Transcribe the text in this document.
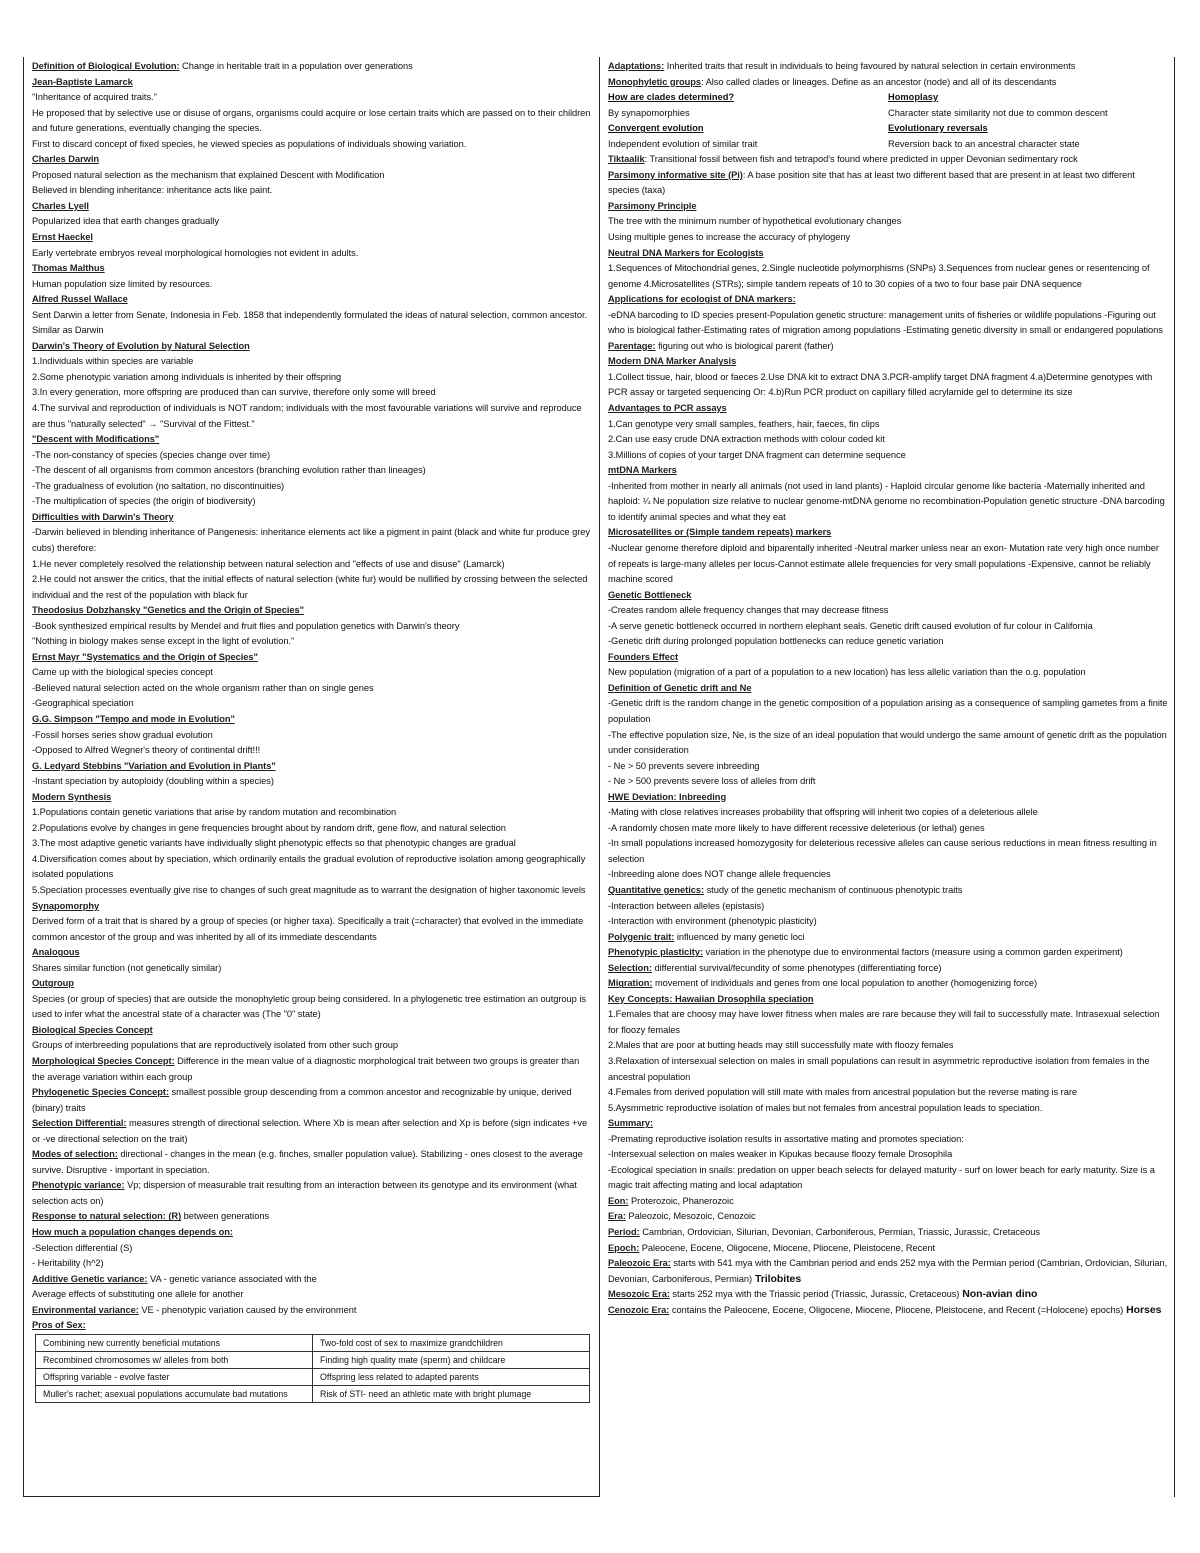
Definition of Biological Evolution: Change in heritable trait in a population over generations

Jean-Baptiste Lamarck

"Inheritance of acquired traits."

He proposed that by selective use or disuse of organs, organisms could acquire or lose certain traits which are passed on to their children and future generations, eventually changing the species.

First to discard concept of fixed species, he viewed species as populations of individuals showing variation.

Charles Darwin

Proposed natural selection as the mechanism that explained Descent with Modification

Believed in blending inheritance: inheritance acts like paint.

Charles Lyell

Popularized idea that earth changes gradually

Ernst Haeckel

Early vertebrate embryos reveal morphological homologies not evident in adults.

Thomas Malthus

Human population size limited by resources.

Alfred Russel Wallace

Sent Darwin a letter from Senate, Indonesia in Feb. 1858 that independently formulated the ideas of natural selection, common ancestor. Similar as Darwin

Darwin's Theory of Evolution by Natural Selection

1.Individuals within species are variable

2.Some phenotypic variation among individuals is inherited by their offspring

3.In every generation, more offspring are produced than can survive, therefore only some will breed

4.The survival and reproduction of individuals is NOT random; individuals with the most favourable variations will survive and reproduce are thus "naturally selected" → "Survival of the Fittest."

"Descent with Modifications"

-The non-constancy of species (species change over time)

-The descent of all organisms from common ancestors (branching evolution rather than lineages)

-The gradualness of evolution (no saltation, no discontinuities)

-The multiplication of species (the origin of biodiversity)

Difficulties with Darwin's Theory

-Darwin believed in blending inheritance of Pangenesis: inheritance elements act like a pigment in paint (black and white fur produce grey cubs) therefore:

1.He never completely resolved the relationship between natural selection and "effects of use and disuse" (Lamarck)

2.He could not answer the critics, that the initial effects of natural selection (white fur) would be nullified by crossing between the selected individual and the rest of the population with black fur

Theodosius Dobzhansky "Genetics and the Origin of Species"

-Book synthesized empirical results by Mendel and fruit flies and population genetics with Darwin's theory

"Nothing in biology makes sense except in the light of evolution."

Ernst Mayr "Systematics and the Origin of Species"

Came up with the biological species concept

-Believed natural selection acted on the whole organism rather than on single genes

-Geographical speciation

G.G. Simpson "Tempo and mode in Evolution"

-Fossil horses series show gradual evolution

-Opposed to Alfred Wegner's theory of continental drift!!!

G. Ledyard Stebbins "Variation and Evolution in Plants"

-Instant speciation by autoploidy (doubling within a species)

Modern Synthesis

1.Populations contain genetic variations that arise by random mutation and recombination

2.Populations evolve by changes in gene frequencies brought about by random drift, gene flow, and natural selection

3.The most adaptive genetic variants have individually slight phenotypic effects so that phenotypic changes are gradual

4.Diversification comes about by speciation, which ordinarily entails the gradual evolution of reproductive isolation among geographically isolated populations

5.Speciation processes eventually give rise to changes of such great magnitude as to warrant the designation of higher taxonomic levels

Synapomorphy

Derived form of a trait that is shared by a group of species (or higher taxa). Specifically a trait (=character) that evolved in the immediate common ancestor of the group and was inherited by all of its immediate descendants

Analogous

Shares similar function (not genetically similar)

Outgroup

Species (or group of species) that are outside the monophyletic group being considered. In a phylogenetic tree estimation an outgroup is used to infer what the ancestral state of a character was (The "0" state)

Biological Species Concept

Groups of interbreeding populations that are reproductively isolated from other such group

Morphological Species Concept: Difference in the mean value of a diagnostic morphological trait between two groups is greater than the average variation within each group

Phylogenetic Species Concept: smallest possible group descending from a common ancestor and recognizable by unique, derived (binary) traits

Selection Differential: measures strength of directional selection. Where Xb is mean after selection and Xp is before (sign indicates +ve or -ve directional selection on the trait)

Modes of selection: directional - changes in the mean (e.g. finches, smaller population value). Stabilizing - ones closest to the average survive. Disruptive - important in speciation.

Phenotypic variance: Vp; dispersion of measurable trait resulting from an interaction between its genotype and its environment (what selection acts on)

Response to natural selection: (R) between generations

How much a population changes depends on:

-Selection differential (S)

- Heritability (h^2)

Additive Genetic variance: VA - genetic variance associated with the

Average effects of substituting one allele for another

Environmental variance: VE - phenotypic variation caused by the environment

Pros of Sex:

Combining new currently beneficial mutations	Two-fold cost of sex to maximize grandchildren
Recombined chromosomes w/ alleles from both	Finding high quality mate (sperm) and childcare
Offspring variable - evolve faster	Offspring less related to adapted parents
Muller's rachet; asexual populations accumulate bad mutations	Risk of STI- need an athletic mate with bright plumage

Adaptations: Inherited traits that result in individuals to being favoured by natural selection in certain environments

Monophyletic groups: Also called clades or lineages. Define as an ancestor (node) and all of its descendants

How are clades determined?	Homoplasy
By synapomorphies	Character state similarity not due to common descent
Convergent evolution	Evolutionary reversals
Independent evolution of similar trait	Reversion back to an ancestral character state

Tiktaalik: Transitional fossil between fish and tetrapod's found where predicted in upper Devonian sedimentary rock

Parsimony informative site (Pi): A base position site that has at least two different based that are present in at least two different species (taxa)

Parsimony Principle

The tree with the minimum number of hypothetical evolutionary changes

Using multiple genes to increase the accuracy of phylogeny

Neutral DNA Markers for Ecologists

1.Sequences of Mitochondrial genes, 2.Single nucleotide polymorphisms (SNPs) 3.Sequences from nuclear genes or resentencing of genome 4.Microsatellites (STRs); simple tandem repeats of 10 to 30 copies of a two to four base pair DNA sequence

Applications for ecologist of DNA markers:

-eDNA barcoding to ID species present-Population genetic structure: management units of fisheries or wildlife populations -Figuring out who is biological father-Estimating rates of migration among populations -Estimating genetic diversity in small or endangered populations

Parentage: figuring out who is biological parent (father)

Modern DNA Marker Analysis

1.Collect tissue, hair, blood or faeces 2.Use DNA kit to extract DNA 3.PCR-amplify target DNA fragment 4.a)Determine genotypes with PCR assay or targeted sequencing Or: 4.b)Run PCR product on capillary filled acrylamide gel to determine its size

Advantages to PCR assays

1.Can genotype very small samples, feathers, hair, faeces, fin clips

2.Can use easy crude DNA extraction methods with colour coded kit

3.Millions of copies of your target DNA fragment can determine sequence

mtDNA Markers

-Inherited from mother in nearly all animals (not used in land plants) - Haploid circular genome like bacteria -Maternally inherited and haploid: ¼ Ne population size relative to nuclear genome-mtDNA genome no recombination-Population genetic structure -DNA barcoding to identify animal species and what they eat

Microsatellites or (Simple tandem repeats) markers

-Nuclear genome therefore diploid and biparentally inherited -Neutral marker unless near an exon- Mutation rate very high once number of repeats is large-many alleles per locus-Cannot estimate allele frequencies for very small populations -Expensive, cannot be reliably machine scored

Genetic Bottleneck

-Creates random allele frequency changes that may decrease fitness

-A serve genetic bottleneck occurred in northern elephant seals. Genetic drift caused evolution of fur colour in California

-Genetic drift during prolonged population bottlenecks can reduce genetic variation

Founders Effect

New population (migration of a part of a population to a new location) has less allelic variation than the o.g. population

Definition of Genetic drift and Ne

-Genetic drift is the random change in the genetic composition of a population arising as a consequence of sampling gametes from a finite population

-The effective population size, Ne, is the size of an ideal population that would undergo the same amount of genetic drift as the population under consideration

- Ne > 50 prevents severe inbreeding

- Ne > 500 prevents severe loss of alleles from drift

HWE Deviation: Inbreeding

-Mating with close relatives increases probability that offspring will inherit two copies of a deleterious allele

-A randomly chosen mate more likely to have different recessive deleterious (or lethal) genes

-In small populations increased homozygosity for deleterious recessive alleles can cause serious reductions in mean fitness resulting in selection

-Inbreeding alone does NOT change allele frequencies

Quantitative genetics: study of the genetic mechanism of continuous phenotypic traits

-Interaction between alleles (epistasis)

-Interaction with environment (phenotypic plasticity)

Polygenic trait: influenced by many genetic loci

Phenotypic plasticity: variation in the phenotype due to environmental factors (measure using a common garden experiment)

Selection: differential survival/fecundity of some phenotypes (differentiating force)

Migration: movement of individuals and genes from one local population to another (homogenizing force)

Key Concepts: Hawaiian Drosophila speciation

1.Females that are choosy may have lower fitness when males are rare because they will fail to successfully mate. Intrasexual selection for floozy females

2.Males that are poor at butting heads may still successfully mate with floozy females

3.Relaxation of intersexual selection on males in small populations can result in asymmetric reproductive isolation from females in the ancestral population

4.Females from derived population will still mate with males from ancestral population but the reverse mating is rare

5.Aysmmetric reproductive isolation of males but not females from ancestral population leads to speciation.

Summary:

-Premating reproductive isolation results in assortative mating and promotes speciation:

-Intersexual selection on males weaker in Kipukas because floozy female Drosophila

-Ecological speciation in snails: predation on upper beach selects for delayed maturity - surf on lower beach for early maturity. Size is a magic trait affecting mating and local adaptation

Eon: Proterozoic, Phanerozoic

Era: Paleozoic, Mesozoic, Cenozoic

Period: Cambrian, Ordovician, Silurian, Devonian, Carboniferous, Permian, Triassic, Jurassic, Cretaceous

Epoch: Paleocene, Eocene, Oligocene, Miocene, Pliocene, Pleistocene, Recent

Paleozoic Era: starts with 541 mya with the Cambrian period and ends 252 mya with the Permian period (Cambrian, Ordovician, Silurian, Devonian, Carboniferous, Permian) Trilobites

Mesozoic Era: starts 252 mya with the Triassic period (Triassic, Jurassic, Cretaceous) Non-avian dino

Cenozoic Era: contains the Paleocene, Eocene, Oligocene, Miocene, Pliocene, Pleistocene, and Recent (=Holocene) epochs) Horses
